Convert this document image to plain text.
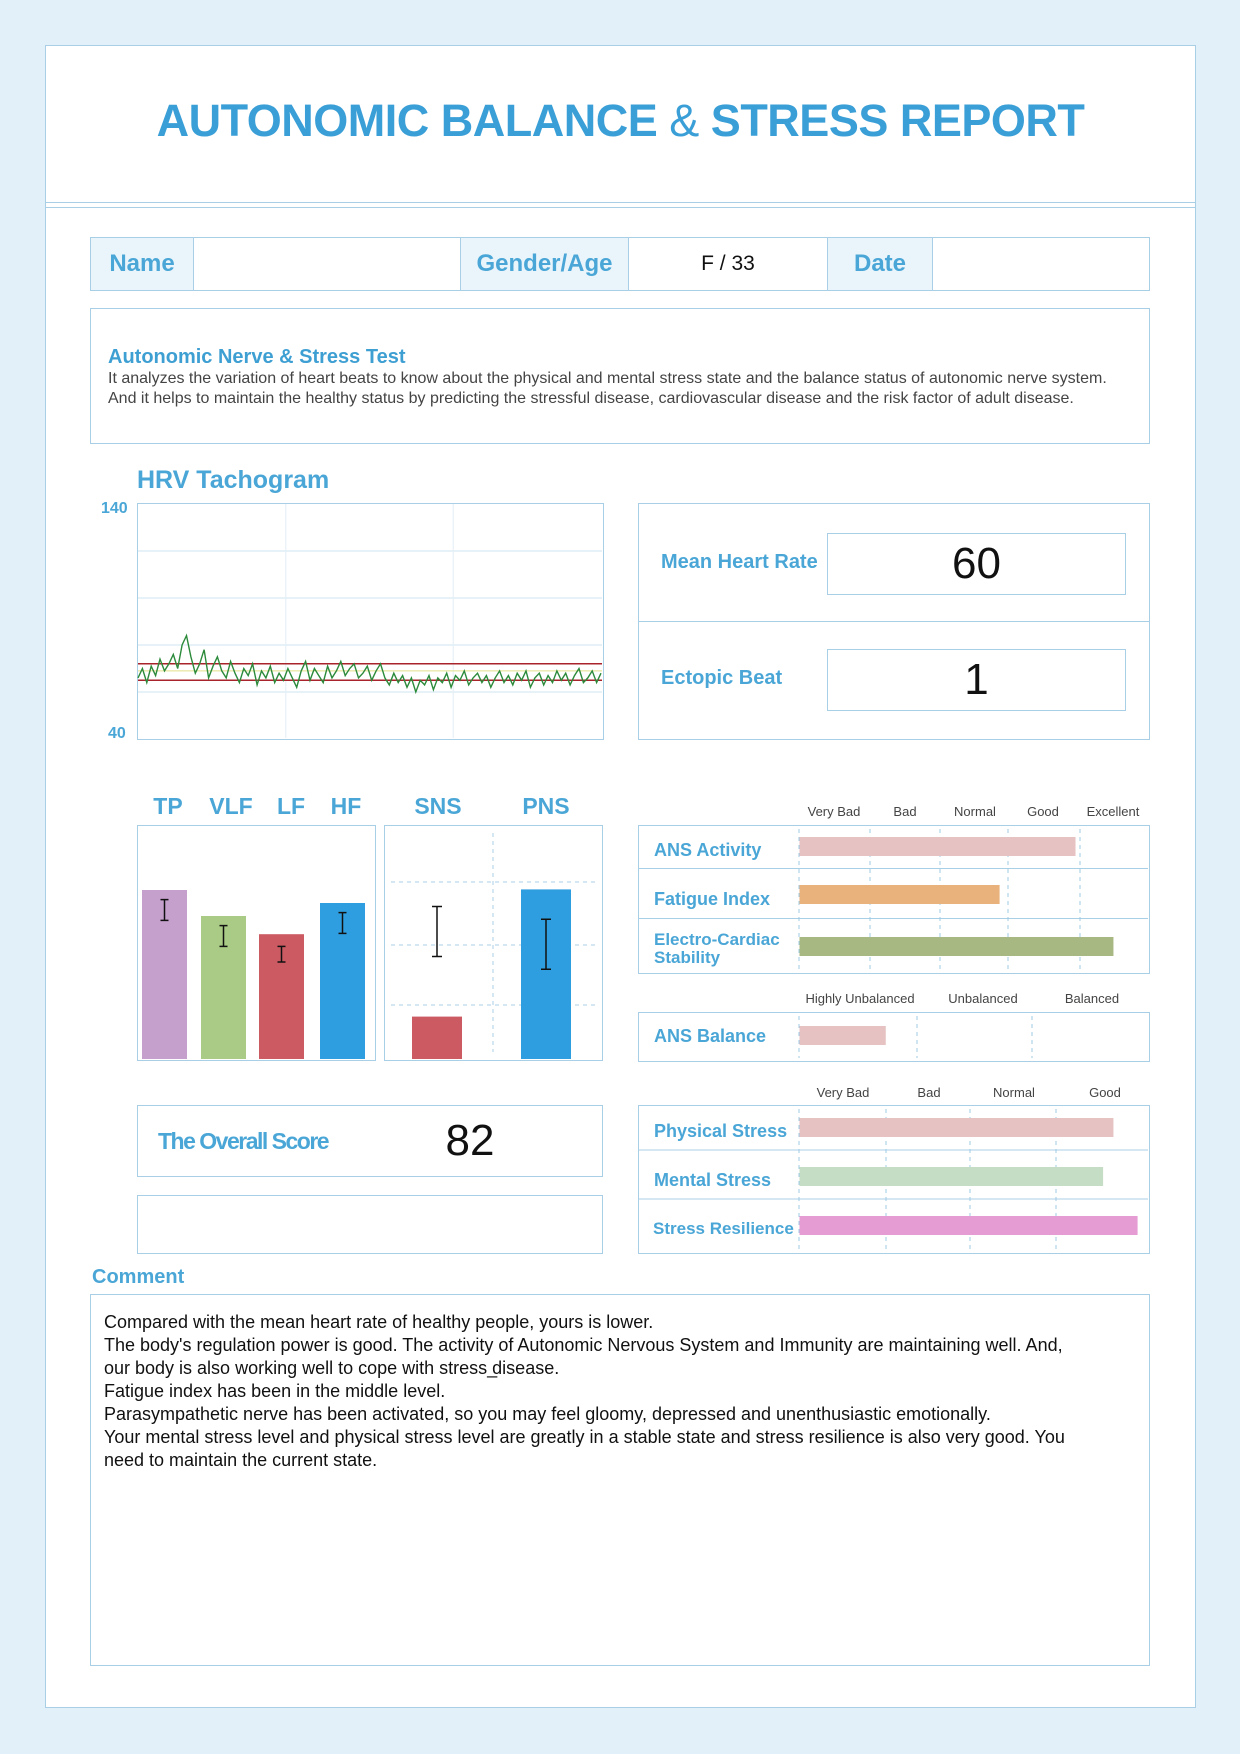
AUTONOMIC BALANCE & STRESS REPORT
Name	Gender/Age	F / 33	Date
Autonomic Nerve & Stress Test
It analyzes the variation of heart beats to know about the physical and mental stress state and the balance status of autonomic nerve system.
And it helps to maintain the healthy status by predicting the stressful disease, cardiovascular disease and the risk factor of adult disease.
HRV Tachogram
140
40
Mean Heart Rate	60
Ectopic Beat	1
TP	VLF	LF	HF	SNS	PNS
The Overall Score	82
Very Bad	Bad	Normal	Good	Excellent
ANS Activity
Fatigue Index
Electro-Cardiac
Stability
Highly Unbalanced	Unbalanced	Balanced
ANS Balance
Very Bad	Bad	Normal	Good
Physical Stress
Mental Stress
Stress Resilience
Comment
Compared with the mean heart rate of healthy people, yours is lower.
The body's regulation power is good. The activity of Autonomic Nervous System and Immunity are maintaining well. And,
our body is also working well to cope with stress ̲disease.
Fatigue index has been in the middle level.
Parasympathetic nerve has been activated, so you may feel gloomy, depressed and unenthusiastic emotionally.
Your mental stress level and physical stress level are greatly in a stable state and stress resilience is also very good. You
need to maintain the current state.
